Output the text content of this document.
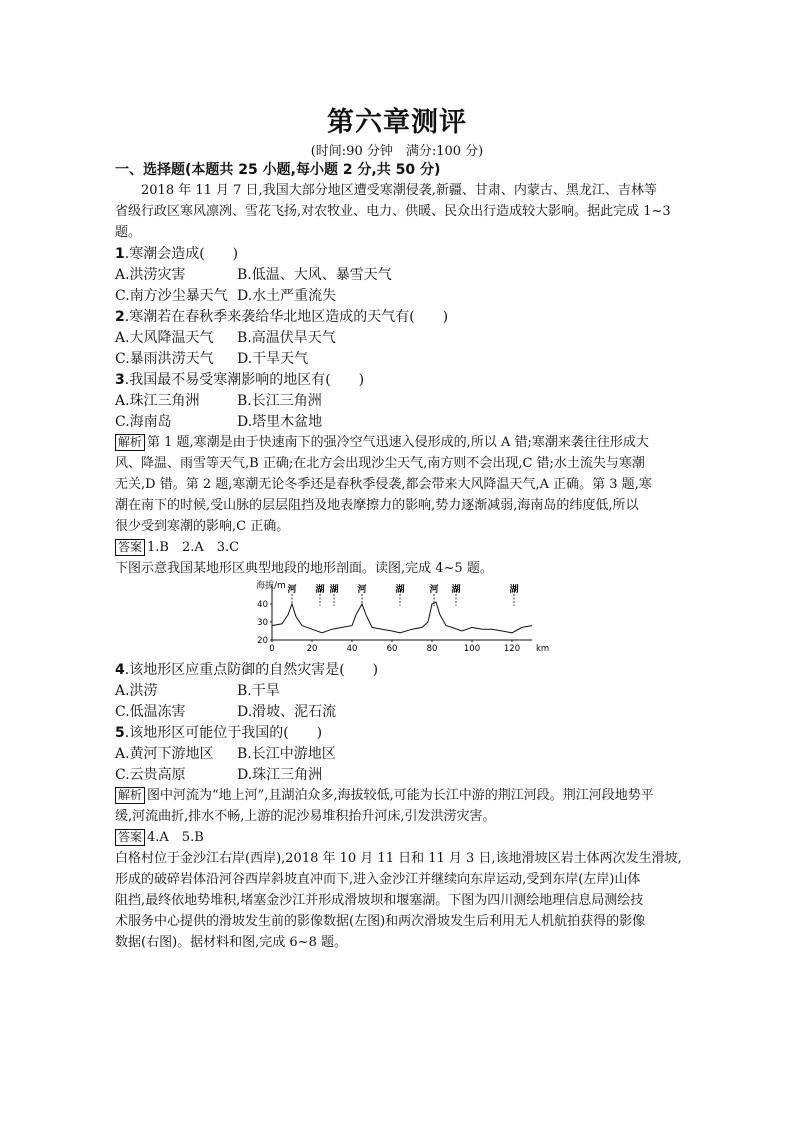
第六章测评
(时间:90 分钟　满分:100 分)
一、选择题(本题共 25 小题,每小题 2 分,共 50 分)
2018 年 11 月 7 日,我国大部分地区遭受寒潮侵袭,新疆、甘肃、内蒙古、黑龙江、吉林等
省级行政区寒风凛冽、雪花飞扬,对农牧业、电力、供暖、民众出行造成较大影响。据此完成 1~3
题。
1.寒潮会造成(　　)
A.洪涝灾害	B.低温、大风、暴雪天气
C.南方沙尘暴天气 D.水土严重流失
2.寒潮若在春秋季来袭给华北地区造成的天气有(　　)
A.大风降温天气 B.高温伏旱天气
C.暴雨洪涝天气 D.干旱天气
3.我国最不易受寒潮影响的地区有(　　)
A.珠江三角洲	B.长江三角洲
C.海南岛	D.塔里木盆地
解析 第 1 题,寒潮是由于快速南下的强冷空气迅速入侵形成的,所以 A 错;寒潮来袭往往形成大
风、降温、雨雪等天气,B 正确;在北方会出现沙尘天气,南方则不会出现,C 错;水土流失与寒潮
无关,D 错。第 2 题,寒潮无论冬季还是春秋季侵袭,都会带来大风降温天气,A 正确。第 3 题,寒
潮在南下的时候,受山脉的层层阻挡及地表摩擦力的影响,势力逐渐减弱,海南岛的纬度低,所以
很少受到寒潮的影响,C 正确。
答案 1.B　2.A　3.C
下图示意我国某地形区典型地段的地形剖面。读图,完成 4~5 题。
海拔/m
0	20	40	60	80	100	120 km
20
30
40
河 湖 湖 河	湖	河 湖	湖
4.该地形区应重点防御的自然灾害是(　　)
A.洪涝	B.干旱
C.低温冻害	D.滑坡、泥石流
5.该地形区可能位于我国的(　　)
A.黄河下游地区 B.长江中游地区
C.云贵高原	D.珠江三角洲
解析 图中河流为“地上河”,且湖泊众多,海拔较低,可能为长江中游的荆江河段。荆江河段地势平
缓,河流曲折,排水不畅,上游的泥沙易堆积抬升河床,引发洪涝灾害。
答案 4.A　5.B
白格村位于金沙江右岸(西岸),2018 年 10 月 11 日和 11 月 3 日,该地滑坡区岩土体两次发生滑坡,
形成的破碎岩体沿河谷西岸斜坡直冲而下,进入金沙江并继续向东岸运动,受到东岸(左岸)山体
阻挡,最终依地势堆积,堵塞金沙江并形成滑坡坝和堰塞湖。下图为四川测绘地理信息局测绘技
术服务中心提供的滑坡发生前的影像数据(左图)和两次滑坡发生后利用无人机航拍获得的影像
数据(右图)。据材料和图,完成 6~8 题。
